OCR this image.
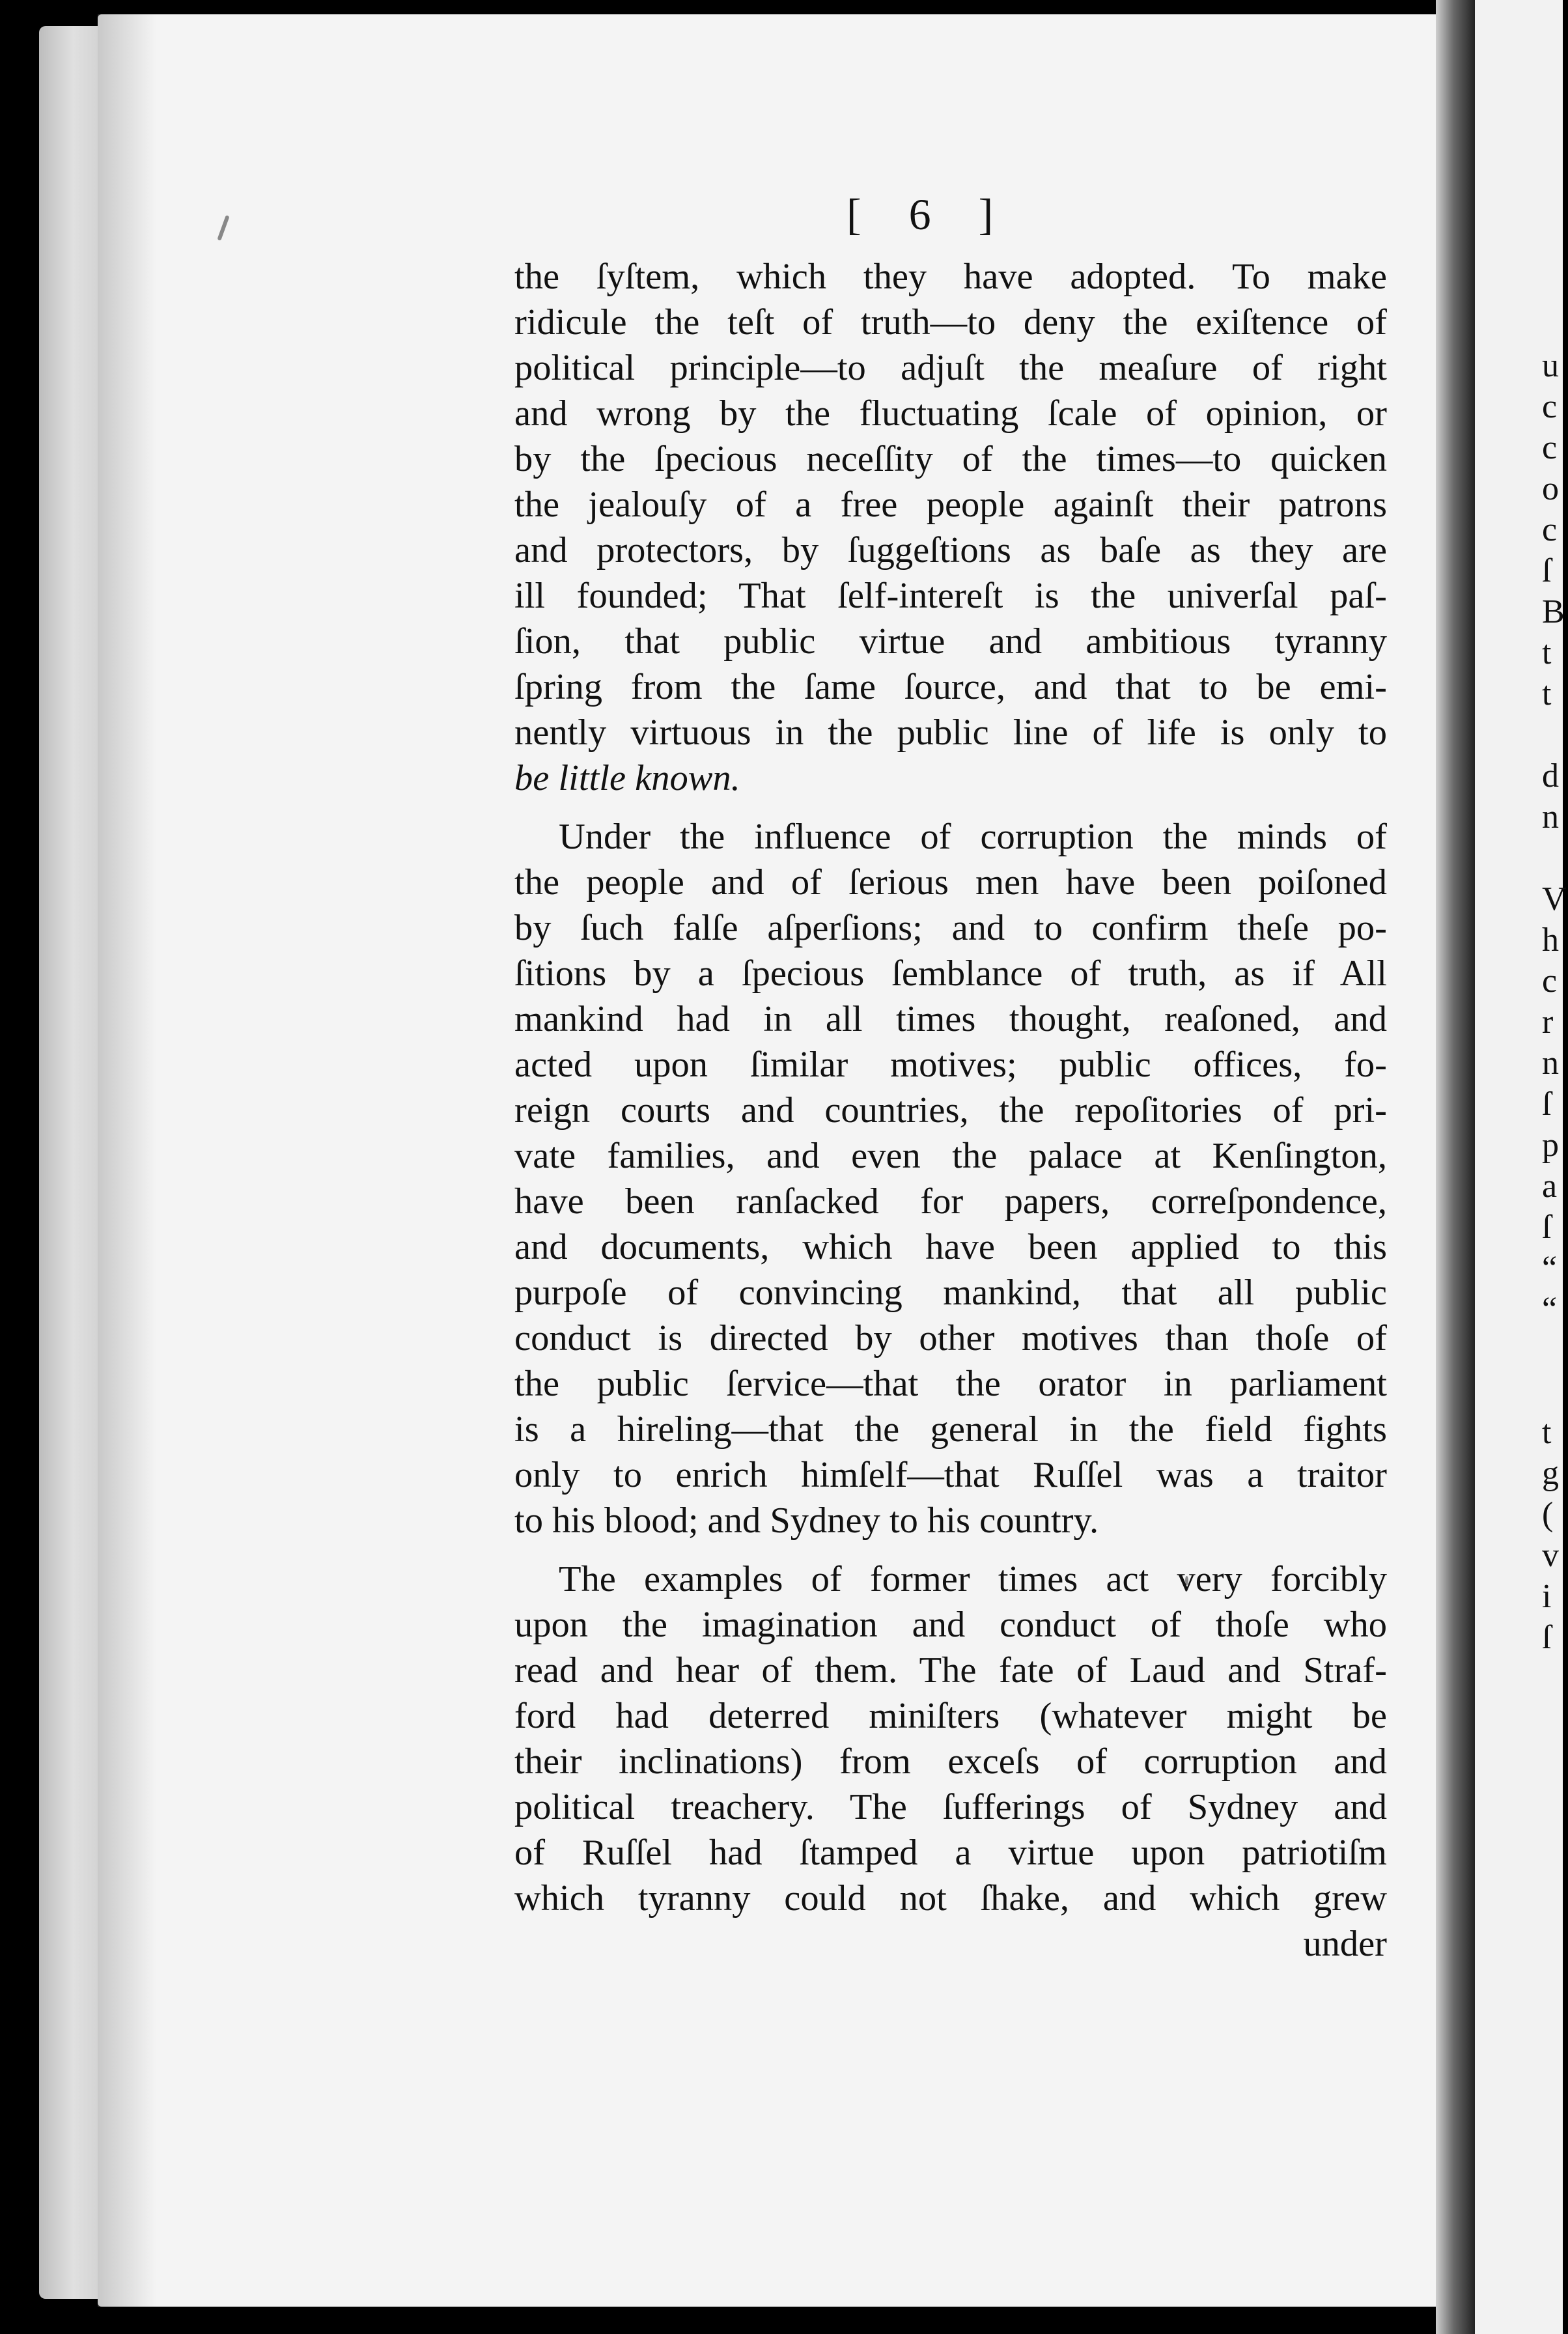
[ 6 ]
the ſyſtem, which they have adopted. To make
ridicule the teſt of truth—to deny the exiſtence of
political principle—to adjuſt the meaſure of right
and wrong by the fluctuating ſcale of opinion, or
by the ſpecious neceſſity of the times—to quicken
the jealouſy of a free people againſt their patrons
and protectors, by ſuggeſtions as baſe as they are
ill founded; That ſelf-intereſt is the univerſal paſ-
ſion, that public virtue and ambitious tyranny
ſpring from the ſame ſource, and that to be emi-
nently virtuous in the public line of life is only to
be little known.
Under the influence of corruption the minds of
the people and of ſerious men have been poiſoned
by ſuch falſe aſperſions; and to confirm theſe po-
ſitions by a ſpecious ſemblance of truth, as if All
mankind had in all times thought, reaſoned, and
acted upon ſimilar motives; public offices, fo-
reign courts and countries, the repoſitories of pri-
vate families, and even the palace at Kenſington,
have been ranſacked for papers, correſpondence,
and documents, which have been applied to this
purpoſe of convincing mankind, that all public
conduct is directed by other motives than thoſe of
the public ſervice—that the orator in parliament
is a hireling—that the general in the field fights
only to enrich himſelf—that Ruſſel was a traitor
to his blood; and Sydney to his country.
The examples of former times act very forcibly
upon the imagination and conduct of thoſe who
read and hear of them. The fate of Laud and Straf-
ford had deterred miniſters (whatever might be
their inclinations) from exceſs of corruption and
political treachery. The ſufferings of Sydney and
of Ruſſel had ſtamped a virtue upon patriotiſm
which tyranny could not ſhake, and which grew
under
u
c
c
o
c
ſ
B
t
t
d
n
V
h
c
r
n
ſ
p
a
ſ
“
“
t
g
(
v
i
ſ
